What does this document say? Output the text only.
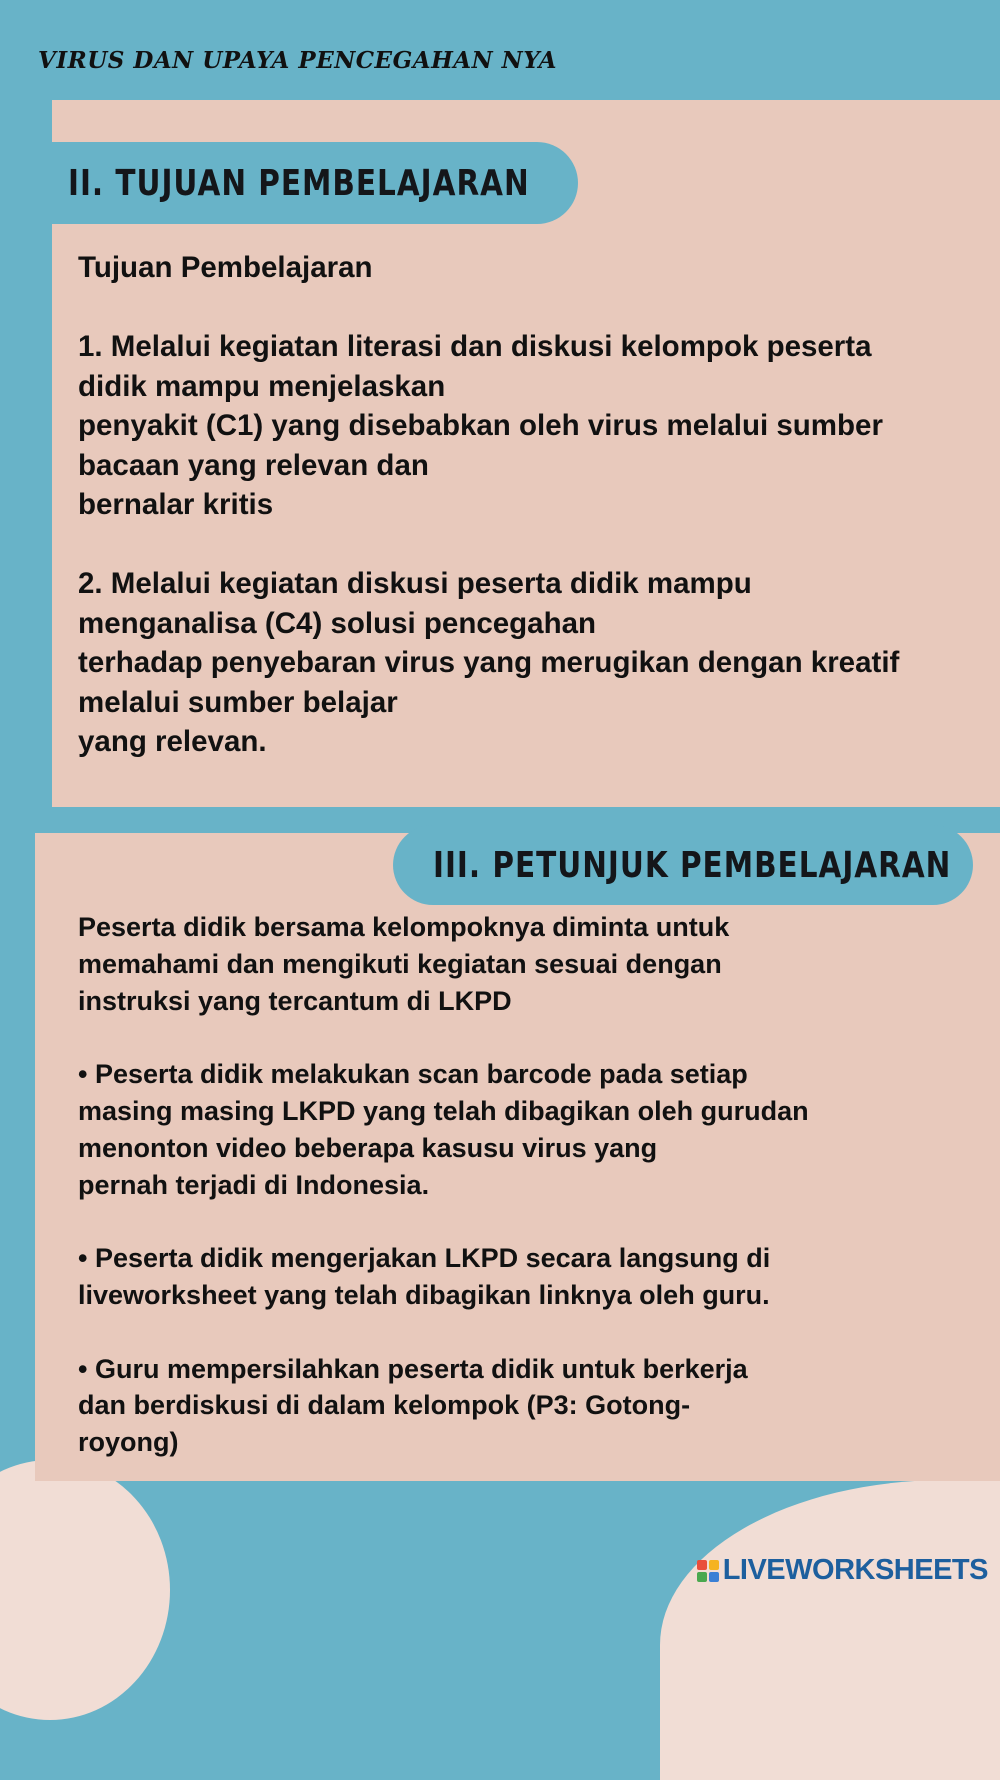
VIRUS DAN UPAYA PENCEGAHAN NYA
II. TUJUAN PEMBELAJARAN

Tujuan Pembelajaran

1. Melalui kegiatan literasi dan diskusi kelompok peserta
didik mampu menjelaskan
penyakit (C1) yang disebabkan oleh virus melalui sumber
bacaan yang relevan dan
bernalar kritis

2. Melalui kegiatan diskusi peserta didik mampu
menganalisa (C4) solusi pencegahan
terhadap penyebaran virus yang merugikan dengan kreatif
melalui sumber belajar
yang relevan.

III. PETUNJUK PEMBELAJARAN

Peserta didik bersama kelompoknya diminta untuk
memahami dan mengikuti kegiatan sesuai dengan
instruksi yang tercantum di LKPD

• Peserta didik melakukan scan barcode pada setiap
masing masing LKPD yang telah dibagikan oleh gurudan
menonton video beberapa kasusu virus yang
pernah terjadi di Indonesia.

• Peserta didik mengerjakan LKPD secara langsung di
liveworksheet yang telah dibagikan linknya oleh guru.

• Guru mempersilahkan peserta didik untuk berkerja
dan berdiskusi di dalam kelompok (P3: Gotong-
royong)

LIVEWORKSHEETS
